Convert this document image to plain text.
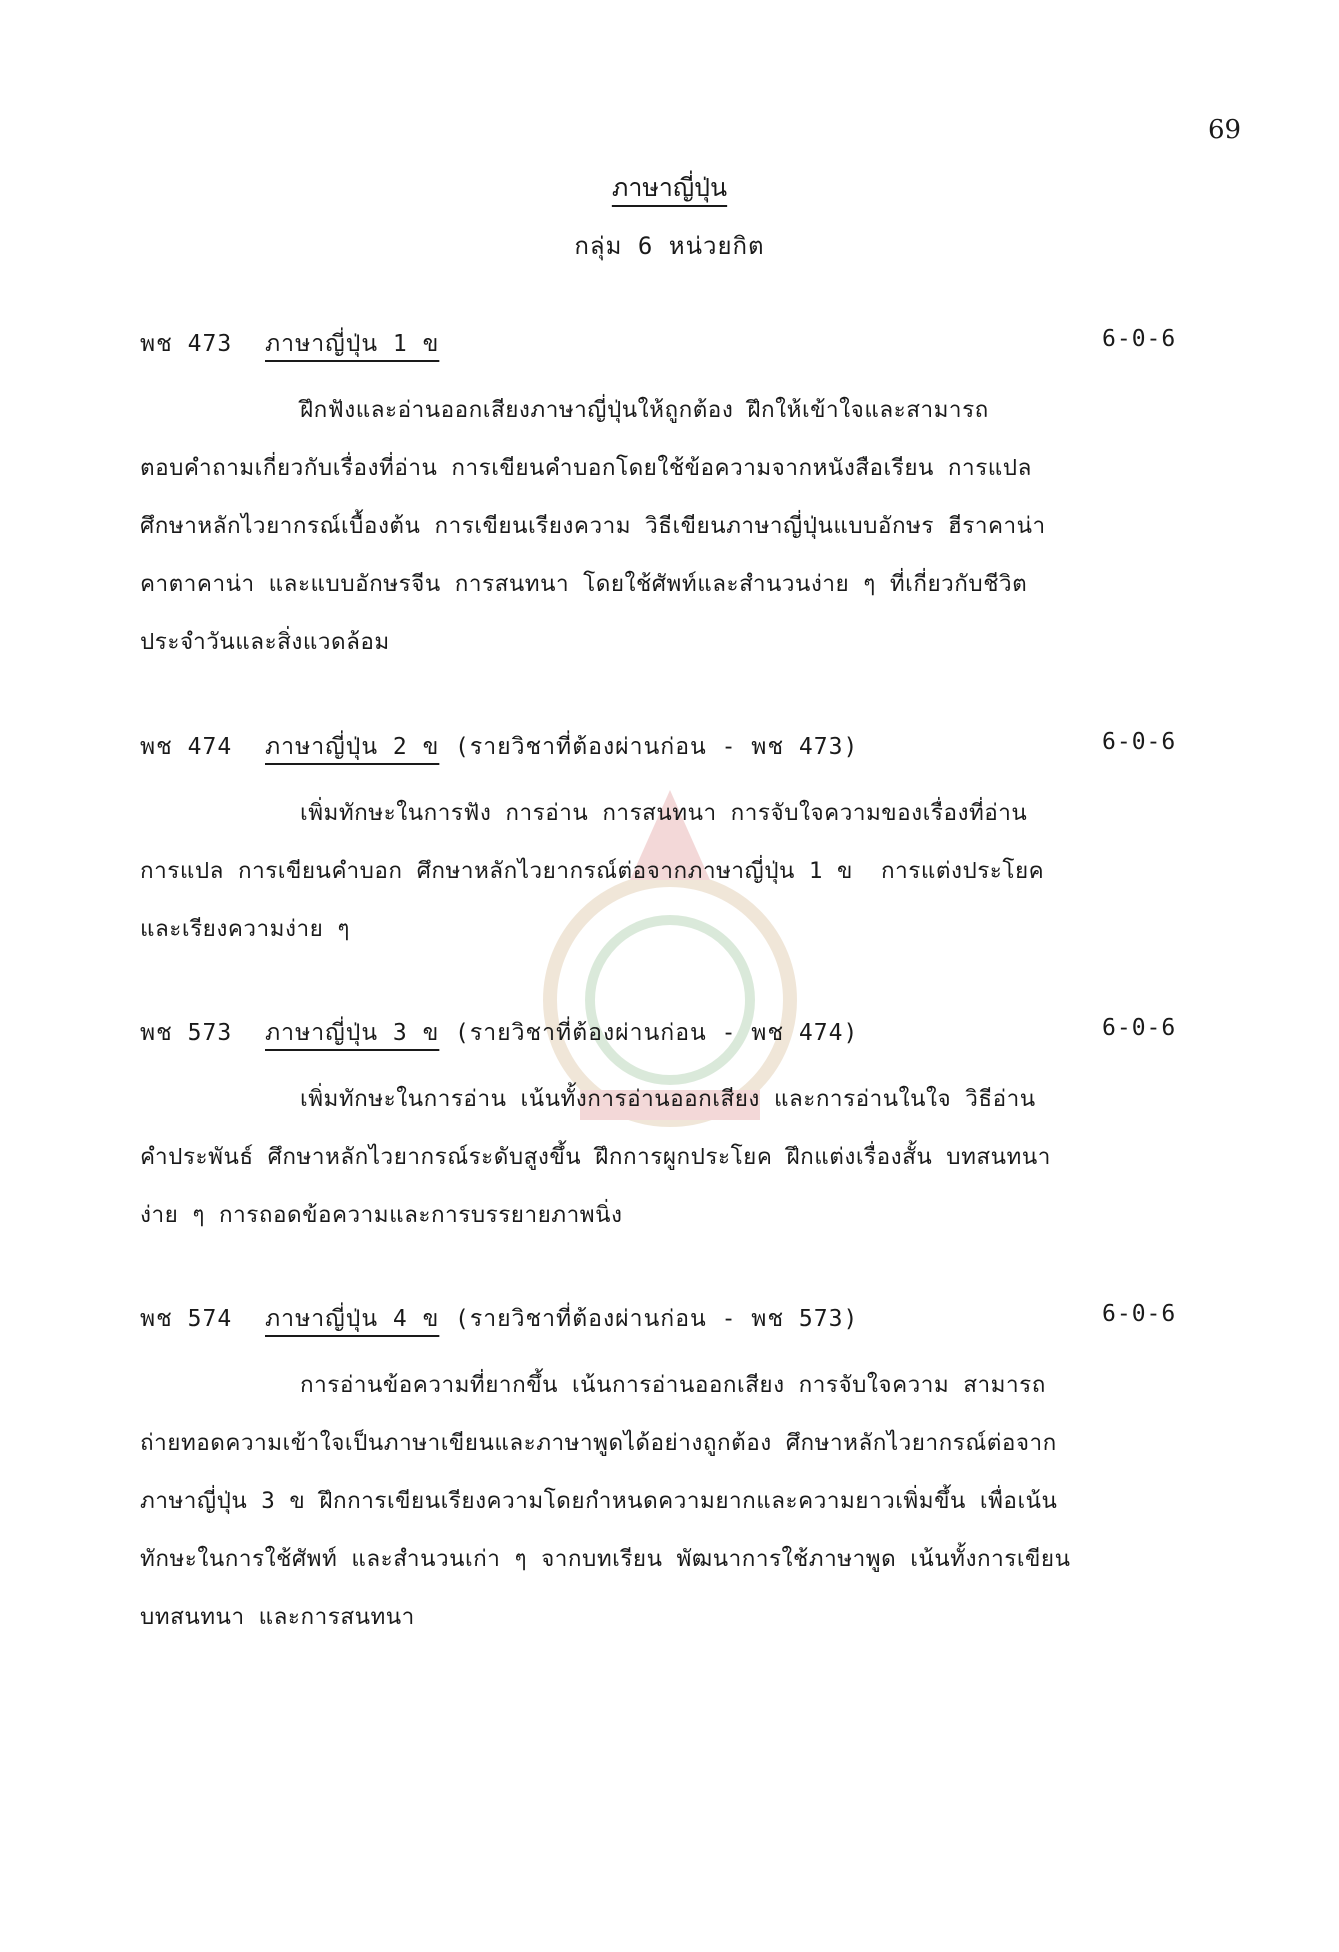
69
ภาษาญี่ปุ่น
กลุ่ม 6 หน่วยกิต
พช 473 ภาษาญี่ปุ่น 1 ข	6-0-6
ฝึกฟังและอ่านออกเสียงภาษาญี่ปุ่นให้ถูกต้อง ฝึกให้เข้าใจและสามารถ
ตอบคำถามเกี่ยวกับเรื่องที่อ่าน การเขียนคำบอกโดยใช้ข้อความจากหนังสือเรียน การแปล
ศึกษาหลักไวยากรณ์เบื้องต้น การเขียนเรียงความ วิธีเขียนภาษาญี่ปุ่นแบบอักษร ฮีราคาน่า
คาตาคาน่า และแบบอักษรจีน การสนทนา โดยใช้ศัพท์และสำนวนง่าย ๆ ที่เกี่ยวกับชีวิต
ประจำวันและสิ่งแวดล้อม
พช 474 ภาษาญี่ปุ่น 2 ข (รายวิชาที่ต้องผ่านก่อน - พช 473)	6-0-6
เพิ่มทักษะในการฟัง การอ่าน การสนทนา การจับใจความของเรื่องที่อ่าน
การแปล การเขียนคำบอก ศึกษาหลักไวยากรณ์ต่อจากภาษาญี่ปุ่น 1 ข  การแต่งประโยค
และเรียงความง่าย ๆ
พช 573 ภาษาญี่ปุ่น 3 ข (รายวิชาที่ต้องผ่านก่อน - พช 474)	6-0-6
เพิ่มทักษะในการอ่าน เน้นทั้งการอ่านออกเสียง และการอ่านในใจ วิธีอ่าน
คำประพันธ์ ศึกษาหลักไวยากรณ์ระดับสูงขึ้น ฝึกการผูกประโยค ฝึกแต่งเรื่องสั้น บทสนทนา
ง่าย ๆ การถอดข้อความและการบรรยายภาพนิ่ง
พช 574 ภาษาญี่ปุ่น 4 ข (รายวิชาที่ต้องผ่านก่อน - พช 573)	6-0-6
การอ่านข้อความที่ยากขึ้น เน้นการอ่านออกเสียง การจับใจความ สามารถ
ถ่ายทอดความเข้าใจเป็นภาษาเขียนและภาษาพูดได้อย่างถูกต้อง ศึกษาหลักไวยากรณ์ต่อจาก
ภาษาญี่ปุ่น 3 ข ฝึกการเขียนเรียงความโดยกำหนดความยากและความยาวเพิ่มขึ้น เพื่อเน้น
ทักษะในการใช้ศัพท์ และสำนวนเก่า ๆ จากบทเรียน พัฒนาการใช้ภาษาพูด เน้นทั้งการเขียน
บทสนทนา และการสนทนา
